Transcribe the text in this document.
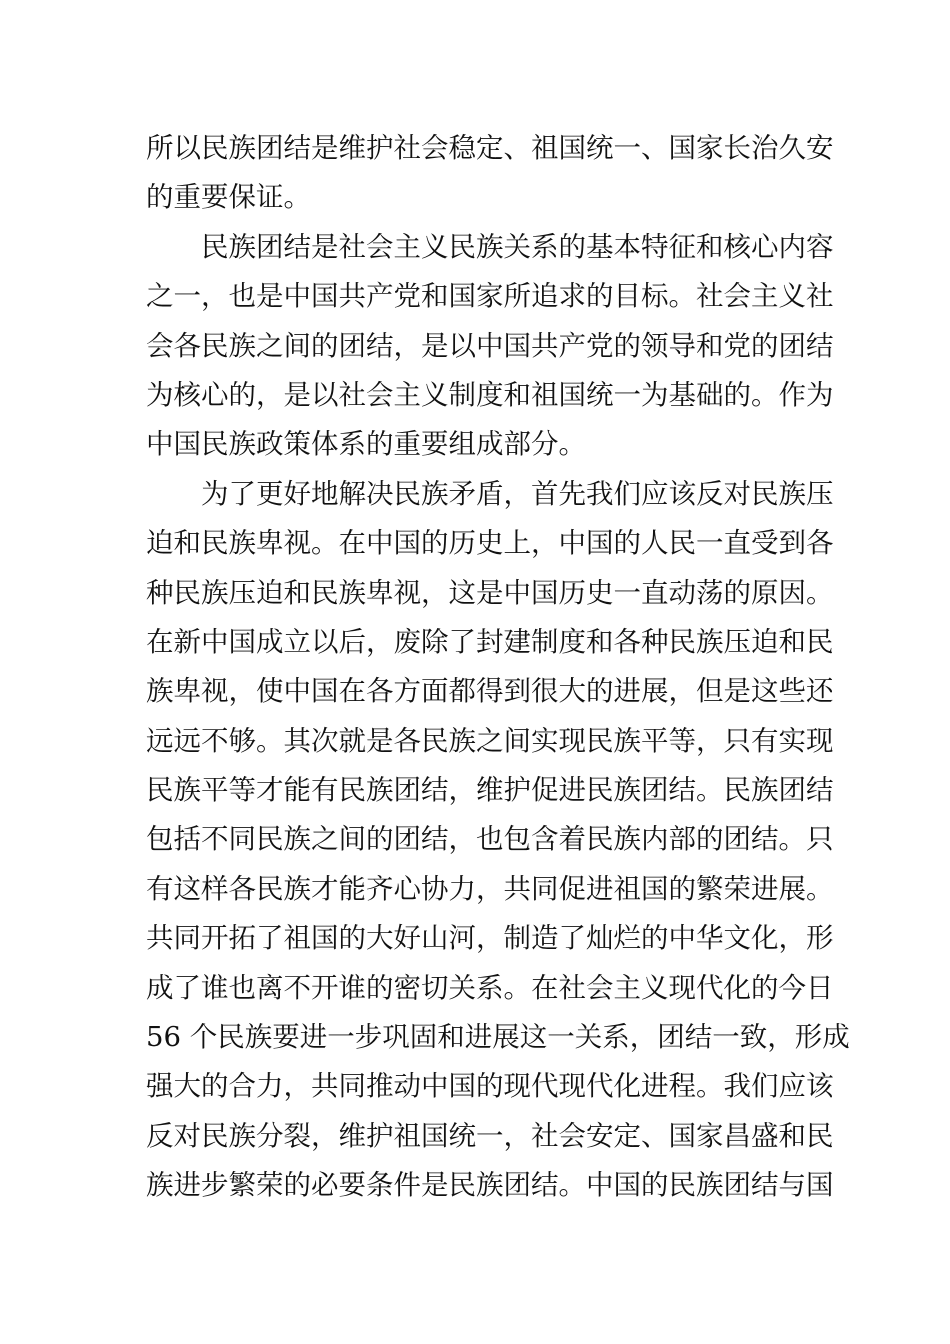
所以民族团结是维护社会稳定、祖国统一、国家长治久安
的重要保证。
民族团结是社会主义民族关系的基本特征和核心内容
之一，也是中国共产党和国家所追求的目标。社会主义社
会各民族之间的团结，是以中国共产党的领导和党的团结
为核心的，是以社会主义制度和祖国统一为基础的。作为
中国民族政策体系的重要组成部分。
为了更好地解决民族矛盾，首先我们应该反对民族压
迫和民族卑视。在中国的历史上，中国的人民一直受到各
种民族压迫和民族卑视，这是中国历史一直动荡的原因。
在新中国成立以后，废除了封建制度和各种民族压迫和民
族卑视，使中国在各方面都得到很大的进展，但是这些还
远远不够。其次就是各民族之间实现民族平等，只有实现
民族平等才能有民族团结，维护促进民族团结。民族团结
包括不同民族之间的团结，也包含着民族内部的团结。只
有这样各民族才能齐心协力，共同促进祖国的繁荣进展。
共同开拓了祖国的大好山河，制造了灿烂的中华文化，形
成了谁也离不开谁的密切关系。在社会主义现代化的今日
56 个民族要进一步巩固和进展这一关系，团结一致，形成
强大的合力，共同推动中国的现代现代化进程。我们应该
反对民族分裂，维护祖国统一，社会安定、国家昌盛和民
族进步繁荣的必要条件是民族团结。中国的民族团结与国
